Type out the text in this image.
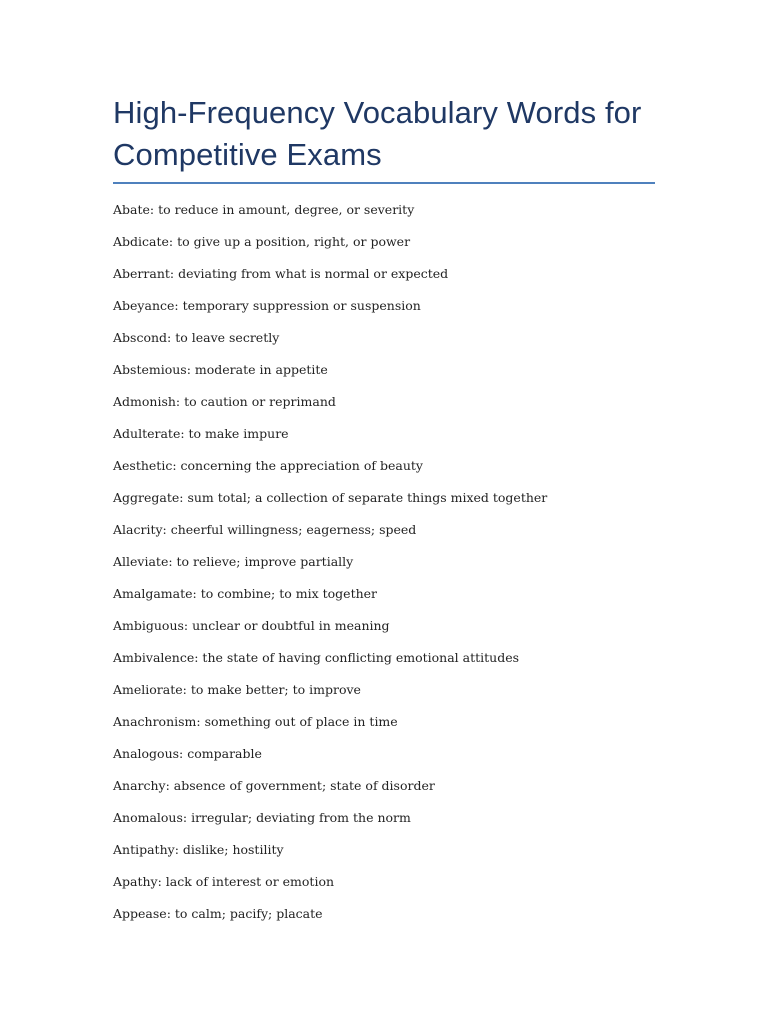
High-Frequency Vocabulary Words for
Competitive Exams
Abate: to reduce in amount, degree, or severity
Abdicate: to give up a position, right, or power
Aberrant: deviating from what is normal or expected
Abeyance: temporary suppression or suspension
Abscond: to leave secretly
Abstemious: moderate in appetite
Admonish: to caution or reprimand
Adulterate: to make impure
Aesthetic: concerning the appreciation of beauty
Aggregate: sum total; a collection of separate things mixed together
Alacrity: cheerful willingness; eagerness; speed
Alleviate: to relieve; improve partially
Amalgamate: to combine; to mix together
Ambiguous: unclear or doubtful in meaning
Ambivalence: the state of having conflicting emotional attitudes
Ameliorate: to make better; to improve
Anachronism: something out of place in time
Analogous: comparable
Anarchy: absence of government; state of disorder
Anomalous: irregular; deviating from the norm
Antipathy: dislike; hostility
Apathy: lack of interest or emotion
Appease: to calm; pacify; placate
